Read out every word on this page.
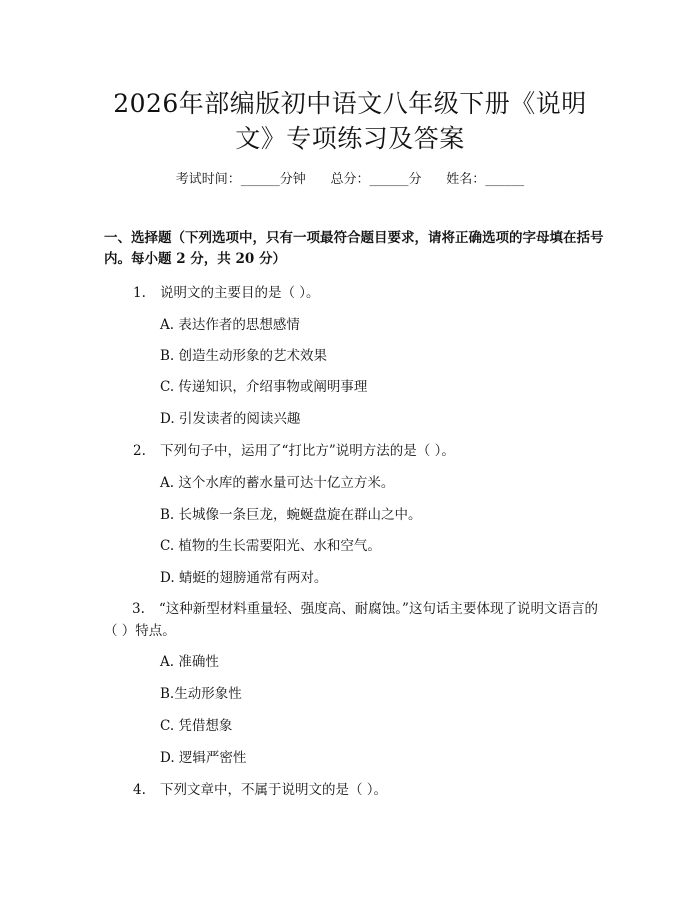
2026年部编版初中语文八年级下册《说明
文》专项练习及答案
考试时间：______分钟      总分：______分      姓名：______
一、选择题（下列选项中，只有一项最符合题目要求，请将正确选项的字母填在括号内。每小题 2 分，共 20 分）
1. 说明文的主要目的是（ ）。
A. 表达作者的思想感情
B. 创造生动形象的艺术效果
C. 传递知识，介绍事物或阐明事理
D. 引发读者的阅读兴趣
2. 下列句子中，运用了“打比方”说明方法的是（ ）。
A. 这个水库的蓄水量可达十亿立方米。
B. 长城像一条巨龙，蜿蜒盘旋在群山之中。
C. 植物的生长需要阳光、水和空气。
D. 蜻蜓的翅膀通常有两对。
3. “这种新型材料重量轻、强度高、耐腐蚀。”这句话主要体现了说明文语言的（ ）特点。
A. 准确性
B.生动形象性
C. 凭借想象
D. 逻辑严密性
4. 下列文章中，不属于说明文的是（ ）。
